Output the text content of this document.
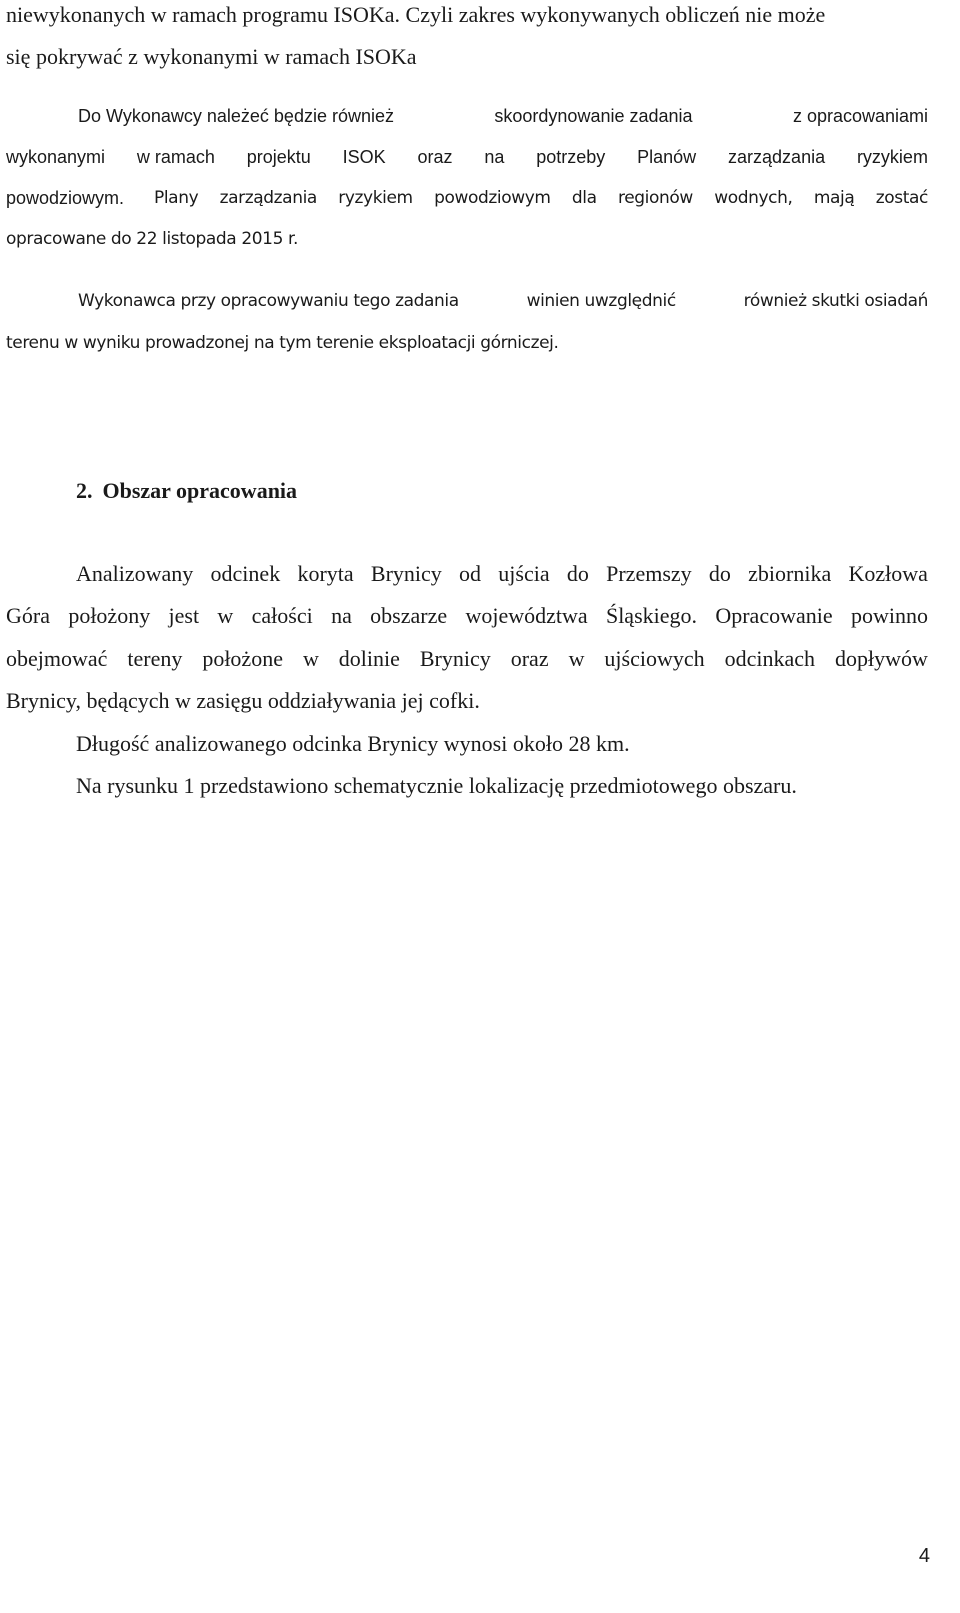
niewykonanych w ramach programu ISOKa. Czyli zakres wykonywanych obliczeń nie może
się pokrywać z wykonanymi w ramach ISOKa
Do Wykonawcy należeć będzie również	skoordynowanie zadania	z opracowaniami
wykonanymi w ramach projektu ISOK oraz na potrzeby Planów zarządzania ryzykiem
powodziowym. Plany zarządzania ryzykiem powodziowym dla regionów wodnych, mają zostać
opracowane do 22 listopada 2015 r.
Wykonawca przy opracowywaniu tego zadania	winien uwzględnić	również skutki osiadań
terenu w wyniku prowadzonej na tym terenie eksploatacji górniczej.
2. Obszar opracowania
Analizowany odcinek koryta Brynicy od ujścia do Przemszy do zbiornika Kozłowa
Góra położony jest w całości na obszarze województwa Śląskiego. Opracowanie powinno
obejmować tereny położone w dolinie Brynicy oraz w ujściowych odcinkach dopływów
Brynicy, będących w zasięgu oddziaływania jej cofki.
Długość analizowanego odcinka Brynicy wynosi około 28 km.
Na rysunku 1 przedstawiono schematycznie lokalizację przedmiotowego obszaru.
4
